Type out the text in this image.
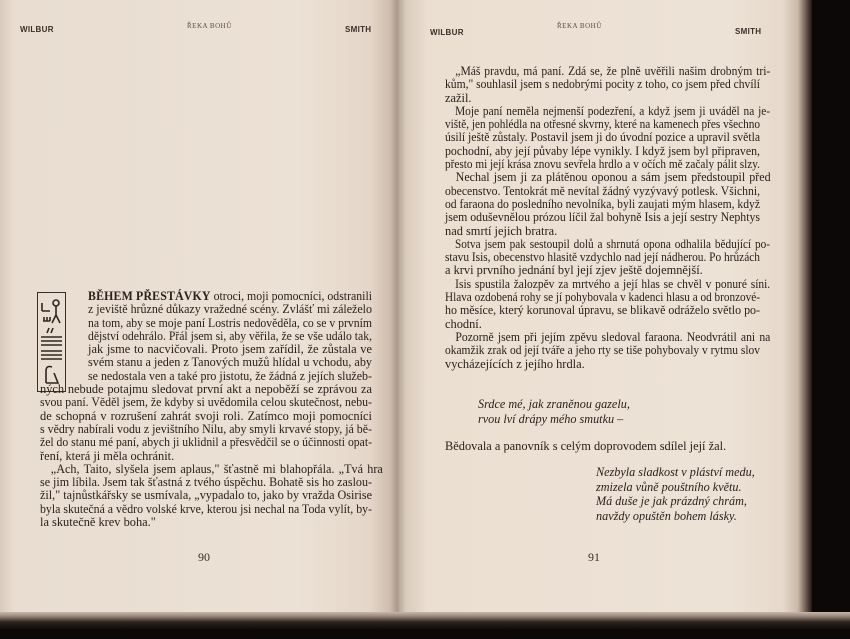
WILBUR	ŘEKA BOHŮ	SMITH
BĚHEM PŘESTÁVKY otroci, moji pomocníci, odstranili
z jeviště hrůzné důkazy vražedné scény. Zvlášť mi záleželo
na tom, aby se moje paní Lostris nedověděla, co se v prvním
dějství odehrálo. Přál jsem si, aby věřila, že se vše událo tak,
jak jsme to nacvičovali. Proto jsem zařídil, že zůstala ve
svém stanu a jeden z Tanových mužů hlídal u vchodu, aby
se nedostala ven a také pro jistotu, že žádná z jejích služeb-
ných nebude potajmu sledovat první akt a nepoběží se zprávou za
svou paní. Věděl jsem, že kdyby si uvědomila celou skutečnost, nebu-
de schopná v rozrušení zahrát svoji roli. Zatímco moji pomocníci
s vědry nabírali vodu z jevištního Nilu, aby smyli krvavé stopy, já bě-
žel do stanu mé paní, abych ji uklidnil a přesvědčil se o účinnosti opat-
ření, která ji měla ochránit.
„Ach, Taito, slyšela jsem aplaus," šťastně mi blahopřála. „Tvá hra
se jim líbila. Jsem tak šťastná z tvého úspěchu. Bohatě sis ho zaslou-
žil," tajnůstkářsky se usmívala, „vypadalo to, jako by vražda Osirise
byla skutečná a vědro volské krve, kterou jsi nechal na Toda vylít, by-
la skutečně krev boha."
90
WILBUR
ŘEKA BOHŮ
SMITH
„Máš pravdu, má paní. Zdá se, že plně uvěřili našim drobným tri-
kům," souhlasil jsem s nedobrými pocity z toho, co jsem před chvílí
zažil.
Moje paní neměla nejmenší podezření, a když jsem ji uváděl na je-
viště, jen pohlédla na otřesné skvrny, které na kamenech přes všechno
úsilí ještě zůstaly. Postavil jsem ji do úvodní pozice a upravil světla
pochodní, aby její půvaby lépe vynikly. I když jsem byl připraven,
přesto mi její krása znovu sevřela hrdlo a v očích mě začaly pálit slzy.
Nechal jsem ji za plátěnou oponou a sám jsem předstoupil před
obecenstvo. Tentokrát mě nevítal žádný vyzývavý potlesk. Všichni,
od faraona do posledního nevolníka, byli zaujati mým hlasem, když
jsem oduševnělou prózou líčil žal bohyně Isis a její sestry Nephtys
nad smrtí jejich bratra.
Sotva jsem pak sestoupil dolů a shrnutá opona odhalila bědující po-
stavu Isis, obecenstvo hlasitě vzdychlo nad její nádherou. Po hrůzách
a krvi prvního jednání byl její zjev ještě dojemnější.
Isis spustila žalozpěv za mrtvého a její hlas se chvěl v ponuré síni.
Hlava ozdobená rohy se jí pohybovala v kadenci hlasu a od bronzové-
ho měsíce, který korunoval úpravu, se blikavě odráželo světlo po-
chodní.
Pozorně jsem při jejím zpěvu sledoval faraona. Neodvrátil ani na
okamžik zrak od její tváře a jeho rty se tiše pohybovaly v rytmu slov
vycházejících z jejího hrdla.
Srdce mé, jak zraněnou gazelu,
rvou lví drápy mého smutku –
Bědovala a panovník s celým doprovodem sdílel její žal.
Nezbyla sladkost v pláství medu,
zmizela vůně pouštního květu.
Má duše je jak prázdný chrám,
navždy opuštěn bohem lásky.
91
